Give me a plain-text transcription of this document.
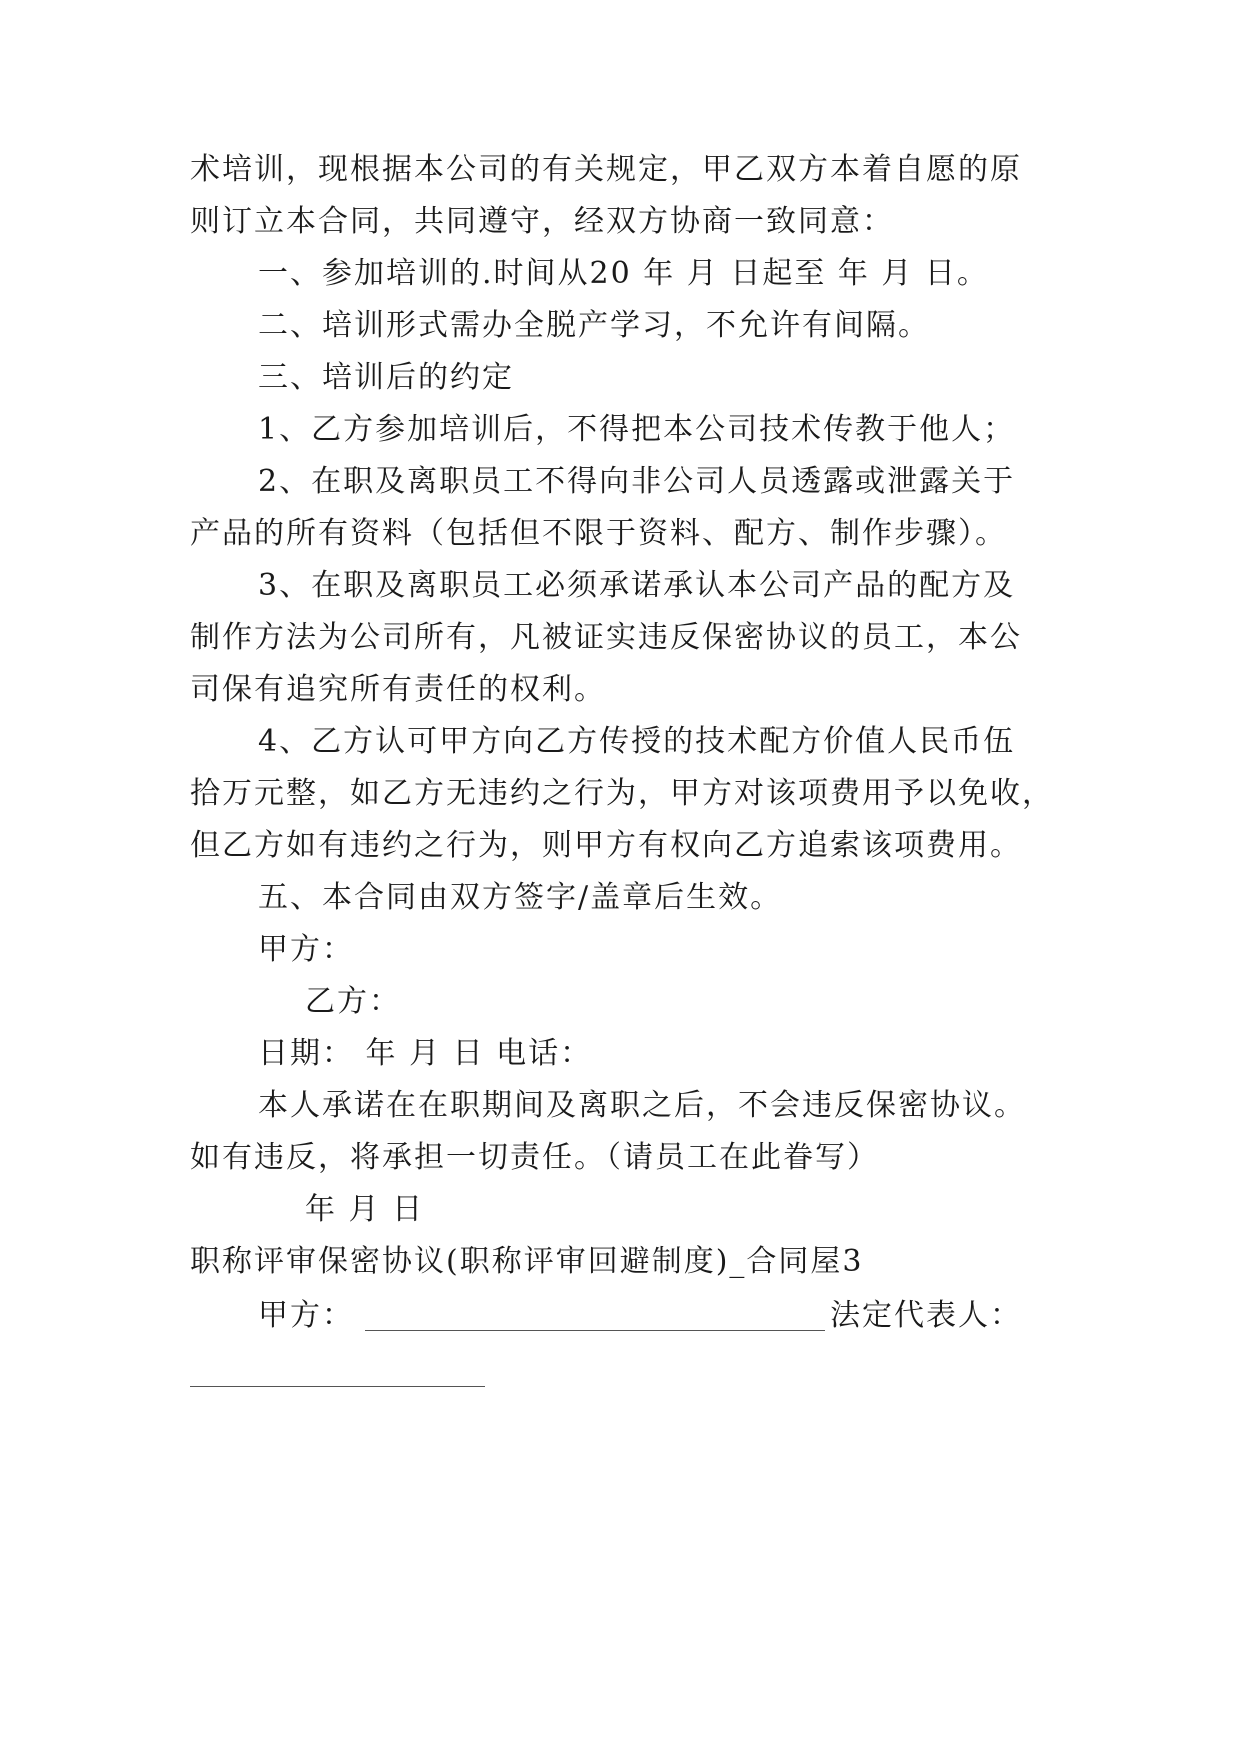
术培训，现根据本公司的有关规定，甲乙双方本着自愿的原
则订立本合同，共同遵守，经双方协商一致同意：
一、参加培训的.时间从20 年 月 日起至 年 月 日。
二、培训形式需办全脱产学习，不允许有间隔。
三、培训后的约定
1、乙方参加培训后，不得把本公司技术传教于他人；
2、在职及离职员工不得向非公司人员透露或泄露关于
产品的所有资料（包括但不限于资料、配方、制作步骤）。
3、在职及离职员工必须承诺承认本公司产品的配方及
制作方法为公司所有，凡被证实违反保密协议的员工，本公
司保有追究所有责任的权利。
4、乙方认可甲方向乙方传授的技术配方价值人民币伍
拾万元整，如乙方无违约之行为，甲方对该项费用予以免收，
但乙方如有违约之行为，则甲方有权向乙方追索该项费用。
五、本合同由双方签字/盖章后生效。
甲方：
乙方：
日期： 年 月 日 电话：
本人承诺在在职期间及离职之后，不会违反保密协议。
如有违反，将承担一切责任。（请员工在此眷写）
年 月 日
职称评审保密协议(职称评审回避制度)_合同屋3
甲方：	法定代表人：
